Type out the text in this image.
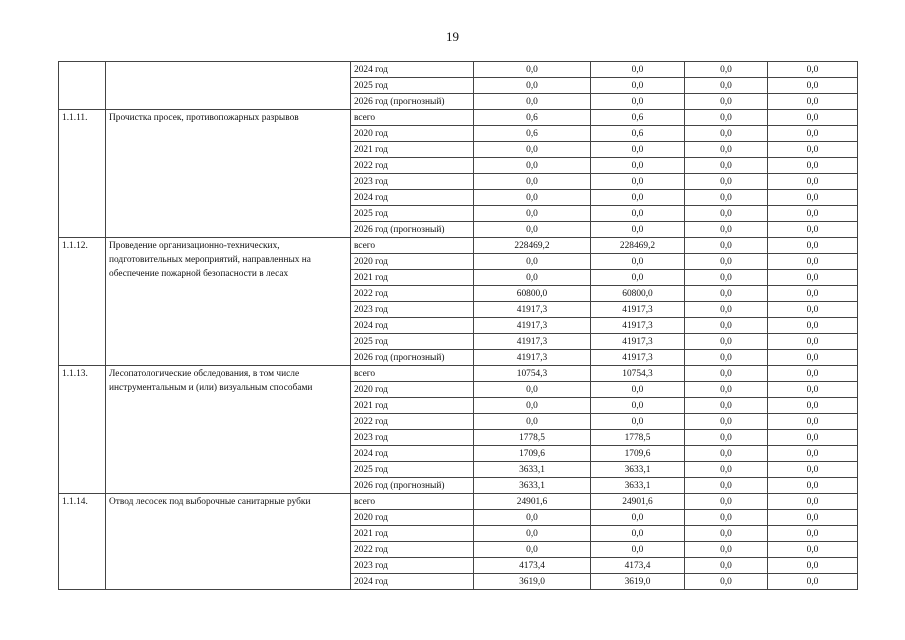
19
		2024 год	0,0	0,0	0,0	0,0
		2025 год	0,0	0,0	0,0	0,0
		2026 год (прогнозный)	0,0	0,0	0,0	0,0
1.1.11.	Прочистка просек, противопожарных разрывов	всего	0,6	0,6	0,0	0,0
		2020 год	0,6	0,6	0,0	0,0
		2021 год	0,0	0,0	0,0	0,0
		2022 год	0,0	0,0	0,0	0,0
		2023 год	0,0	0,0	0,0	0,0
		2024 год	0,0	0,0	0,0	0,0
		2025 год	0,0	0,0	0,0	0,0
		2026 год (прогнозный)	0,0	0,0	0,0	0,0
1.1.12.	Проведение организационно-технических, подготовительных мероприятий, направленных на обеспечение пожарной безопасности в лесах	всего	228469,2	228469,2	0,0	0,0
		2020 год	0,0	0,0	0,0	0,0
		2021 год	0,0	0,0	0,0	0,0
		2022 год	60800,0	60800,0	0,0	0,0
		2023 год	41917,3	41917,3	0,0	0,0
		2024 год	41917,3	41917,3	0,0	0,0
		2025 год	41917,3	41917,3	0,0	0,0
		2026 год (прогнозный)	41917,3	41917,3	0,0	0,0
1.1.13.	Лесопатологические обследования, в том числе инструментальным и (или) визуальным способами	всего	10754,3	10754,3	0,0	0,0
		2020 год	0,0	0,0	0,0	0,0
		2021 год	0,0	0,0	0,0	0,0
		2022 год	0,0	0,0	0,0	0,0
		2023 год	1778,5	1778,5	0,0	0,0
		2024 год	1709,6	1709,6	0,0	0,0
		2025 год	3633,1	3633,1	0,0	0,0
		2026 год (прогнозный)	3633,1	3633,1	0,0	0,0
1.1.14.	Отвод лесосек под выборочные санитарные рубки	всего	24901,6	24901,6	0,0	0,0
		2020 год	0,0	0,0	0,0	0,0
		2021 год	0,0	0,0	0,0	0,0
		2022 год	0,0	0,0	0,0	0,0
		2023 год	4173,4	4173,4	0,0	0,0
		2024 год	3619,0	3619,0	0,0	0,0
